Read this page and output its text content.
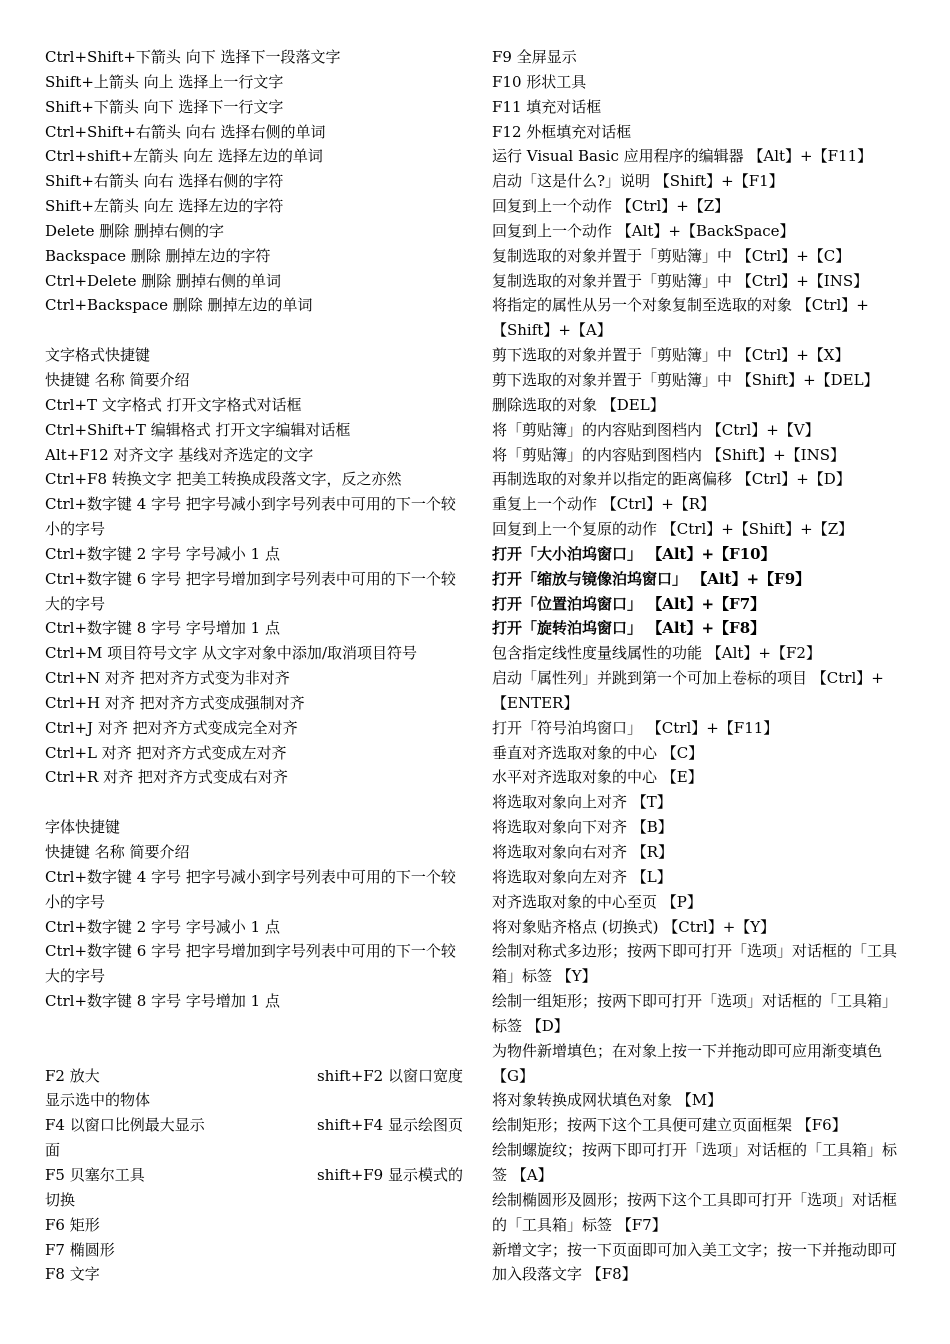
Ctrl+Shift+下箭头 向下 选择下一段落文字
Shift+上箭头 向上 选择上一行文字
Shift+下箭头 向下 选择下一行文字
Ctrl+Shift+右箭头 向右 选择右侧的单词
Ctrl+shift+左箭头 向左 选择左边的单词
Shift+右箭头 向右 选择右侧的字符
Shift+左箭头 向左 选择左边的字符
Delete 删除 删掉右侧的字
Backspace 删除 删掉左边的字符
Ctrl+Delete 删除 删掉右侧的单词
Ctrl+Backspace 删除 删掉左边的单词
文字格式快捷键
快捷键 名称 简要介绍
Ctrl+T 文字格式 打开文字格式对话框
Ctrl+Shift+T 编辑格式 打开文字编辑对话框
Alt+F12 对齐文字 基线对齐选定的文字
Ctrl+F8 转换文字 把美工转换成段落文字，反之亦然
Ctrl+数字键 4 字号 把字号减小到字号列表中可用的下一个较小的字号
Ctrl+数字键 2 字号 字号减小 1 点
Ctrl+数字键 6 字号 把字号增加到字号列表中可用的下一个较大的字号
Ctrl+数字键 8 字号 字号增加 1 点
Ctrl+M 项目符号文字 从文字对象中添加/取消项目符号
Ctrl+N 对齐 把对齐方式变为非对齐
Ctrl+H 对齐 把对齐方式变成强制对齐
Ctrl+J 对齐 把对齐方式变成完全对齐
Ctrl+L 对齐 把对齐方式变成左对齐
Ctrl+R 对齐 把对齐方式变成右对齐
字体快捷键
快捷键 名称 简要介绍
Ctrl+数字键 4 字号 把字号减小到字号列表中可用的下一个较小的字号
Ctrl+数字键 2 字号 字号减小 1 点
Ctrl+数字键 6 字号 把字号增加到字号列表中可用的下一个较大的字号
Ctrl+数字键 8 字号 字号增加 1 点
F2 放大	shift+F2 以窗口宽度
显示选中的物体
F4 以窗口比例最大显示	shift+F4 显示绘图页
面
F5 贝塞尔工具	shift+F9 显示模式的
切换
F6 矩形
F7 椭圆形
F8 文字
F9 全屏显示
F10 形状工具
F11 填充对话框
F12 外框填充对话框
运行 Visual Basic 应用程序的编辑器 【Alt】+【F11】
启动「这是什么?」说明 【Shift】+【F1】
回复到上一个动作 【Ctrl】+【Z】
回复到上一个动作 【Alt】+【BackSpace】
复制选取的对象并置于「剪贴簿」中 【Ctrl】+【C】
复制选取的对象并置于「剪贴簿」中 【Ctrl】+【INS】
将指定的属性从另一个对象复制至选取的对象 【Ctrl】+【Shift】+【A】
剪下选取的对象并置于「剪贴簿」中 【Ctrl】+【X】
剪下选取的对象并置于「剪贴簿」中 【Shift】+【DEL】
删除选取的对象 【DEL】
将「剪贴簿」的内容贴到图档内 【Ctrl】+【V】
将「剪贴簿」的内容贴到图档内 【Shift】+【INS】
再制选取的对象并以指定的距离偏移 【Ctrl】+【D】
重复上一个动作 【Ctrl】+【R】
回复到上一个复原的动作 【Ctrl】+【Shift】+【Z】
打开「大小泊坞窗口」 【Alt】+【F10】
打开「缩放与镜像泊坞窗口」 【Alt】+【F9】
打开「位置泊坞窗口」 【Alt】+【F7】
打开「旋转泊坞窗口」 【Alt】+【F8】
包含指定线性度量线属性的功能 【Alt】+【F2】
启动「属性列」并跳到第一个可加上卷标的项目 【Ctrl】+【ENTER】
打开「符号泊坞窗口」 【Ctrl】+【F11】
垂直对齐选取对象的中心 【C】
水平对齐选取对象的中心 【E】
将选取对象向上对齐 【T】
将选取对象向下对齐 【B】
将选取对象向右对齐 【R】
将选取对象向左对齐 【L】
对齐选取对象的中心至页 【P】
将对象贴齐格点 (切换式) 【Ctrl】+【Y】
绘制对称式多边形；按两下即可打开「选项」对话框的「工具箱」标签 【Y】
绘制一组矩形；按两下即可打开「选项」对话框的「工具箱」标签 【D】
为物件新增填色；在对象上按一下并拖动即可应用渐变填色 【G】
将对象转换成网状填色对象 【M】
绘制矩形；按两下这个工具便可建立页面框架 【F6】
绘制螺旋纹；按两下即可打开「选项」对话框的「工具箱」标签 【A】
绘制椭圆形及圆形；按两下这个工具即可打开「选项」对话框的「工具箱」标签 【F7】
新增文字；按一下页面即可加入美工文字；按一下并拖动即可加入段落文字 【F8】
